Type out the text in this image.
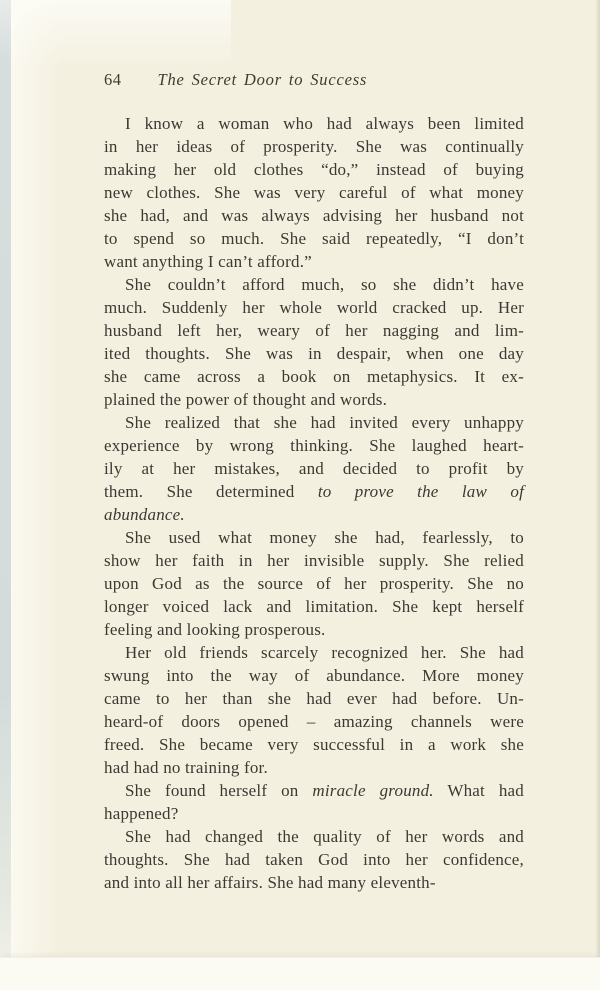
64 The Secret Door to Success
I know a woman who had always been limited
in her ideas of prosperity. She was continually
making her old clothes “do,” instead of buying
new clothes. She was very careful of what money
she had, and was always advising her husband not
to spend so much. She said repeatedly, “I don’t
want anything I can’t afford.”
She couldn’t afford much, so she didn’t have
much. Suddenly her whole world cracked up. Her
husband left her, weary of her nagging and lim-
ited thoughts. She was in despair, when one day
she came across a book on metaphysics. It ex-
plained the power of thought and words.
She realized that she had invited every unhappy
experience by wrong thinking. She laughed heart-
ily at her mistakes, and decided to profit by
them. She determined to prove the law of
abundance.
She used what money she had, fearlessly, to
show her faith in her invisible supply. She relied
upon God as the source of her prosperity. She no
longer voiced lack and limitation. She kept herself
feeling and looking prosperous.
Her old friends scarcely recognized her. She had
swung into the way of abundance. More money
came to her than she had ever had before. Un-
heard-of doors opened – amazing channels were
freed. She became very successful in a work she
had had no training for.
She found herself on miracle ground. What had
happened?
She had changed the quality of her words and
thoughts. She had taken God into her confidence,
and into all her affairs. She had many eleventh-
